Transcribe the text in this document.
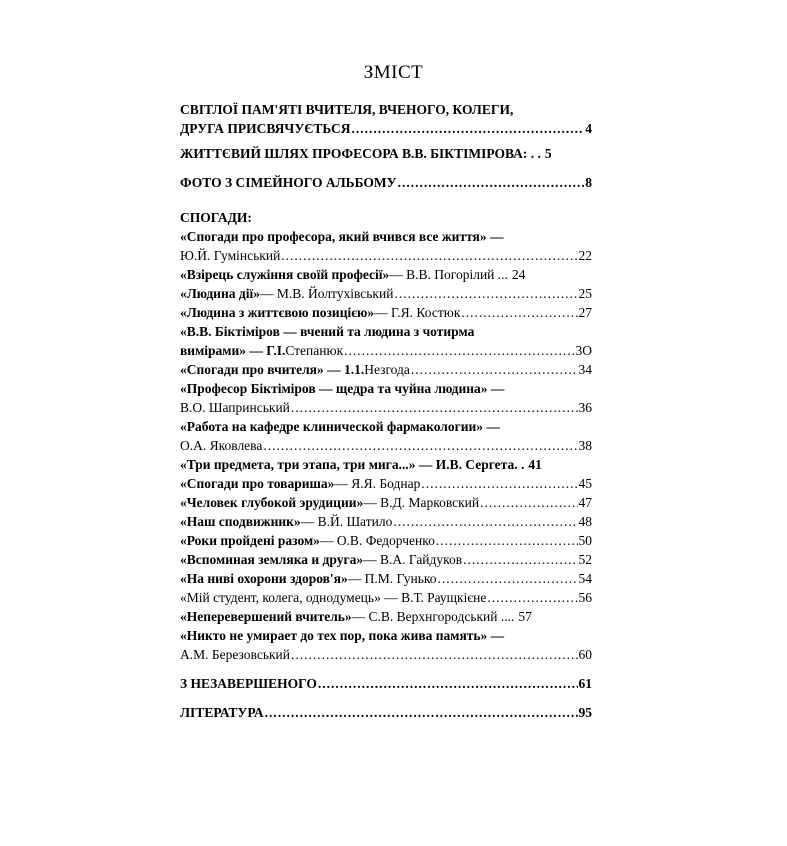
ЗМІСТ
СВІТЛОЇ ПАМ'ЯТІ ВЧИТЕЛЯ, ВЧЕНОГО, КОЛЕГИ,
ДРУГА ПРИСВЯЧУЄТЬСЯ .....	4
ЖИТТЄВИЙ ШЛЯХ ПРОФЕСОРА В.В. БІКТІМІРОВА: . . 5
ФОТО З СІМЕЙНОГО АЛЬБОМУ .....	8
СПОГАДИ:
«Спогади про професора, який вчився все життя» —
Ю.Й. Гумінський .....	22
«Взірець служіння своїй професії» — В.В. Погорілий ... 24
«Людина дії» — М.В. Йолтухівський .....	25
«Людина з життєвою позицією» — Г.Я. Костюк .....	27
«В.В. Біктіміров — вчений та людина з чотирма
вимірами» — Г.І. Степанюк .....	3О
«Спогади про вчителя» — 1.1. Незгода .....	34
«Професор Біктіміров — щедра та чуйна людина» —
В.О. Шапринський .....	36
«Работа на кафедре клинической фармакологии» —
О.А. Яковлева .....	38
«Три предмета, три этапа, три мига...» — И.В. Сергета. . 41
«Спогади про товариша» — Я.Я. Боднар .....	45
«Человек глубокой эрудиции» — В.Д. Марковский .....	47
«Наш сподвижник» — В.Й. Шатило .....	48
«Роки пройдені разом» — О.В. Федорченко .....	50
«Вспоминая земляка и друга» — В.А. Гайдуков .....	52
«На ниві охорони здоров'я» — П.М. Гунько .....	54
«Мій студент, колега, однодумець» — В.Т. Раущкієне .....	56
«Неперевершений вчитель» — С.В. Верхнгородський .... 57
«Никто не умирает до тех пор, пока жива память» —
А.М. Березовський .....	60
З НЕЗАВЕРШЕНОГО .....	61
ЛІТЕРАТУРА .....	95
